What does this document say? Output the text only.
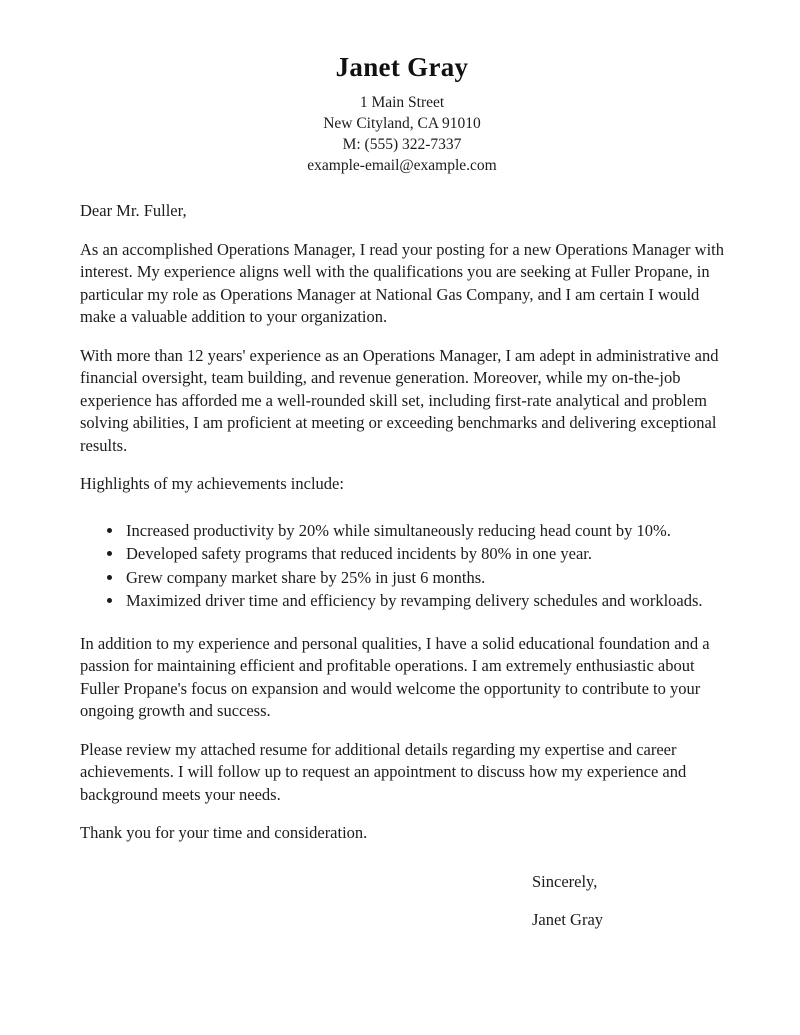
Janet Gray
1 Main Street
New Cityland, CA 91010
M: (555) 322-7337
example-email@example.com

Dear Mr. Fuller,

As an accomplished Operations Manager, I read your posting for a new Operations Manager with interest. My experience aligns well with the qualifications you are seeking at Fuller Propane, in particular my role as Operations Manager at National Gas Company, and I am certain I would make a valuable addition to your organization.

With more than 12 years' experience as an Operations Manager, I am adept in administrative and financial oversight, team building, and revenue generation. Moreover, while my on-the-job experience has afforded me a well-rounded skill set, including first-rate analytical and problem solving abilities, I am proficient at meeting or exceeding benchmarks and delivering exceptional results.

Highlights of my achievements include:

• Increased productivity by 20% while simultaneously reducing head count by 10%.
• Developed safety programs that reduced incidents by 80% in one year.
• Grew company market share by 25% in just 6 months.
• Maximized driver time and efficiency by revamping delivery schedules and workloads.

In addition to my experience and personal qualities, I have a solid educational foundation and a passion for maintaining efficient and profitable operations. I am extremely enthusiastic about Fuller Propane's focus on expansion and would welcome the opportunity to contribute to your ongoing growth and success.

Please review my attached resume for additional details regarding my expertise and career achievements. I will follow up to request an appointment to discuss how my experience and background meets your needs.

Thank you for your time and consideration.

Sincerely,

Janet Gray
